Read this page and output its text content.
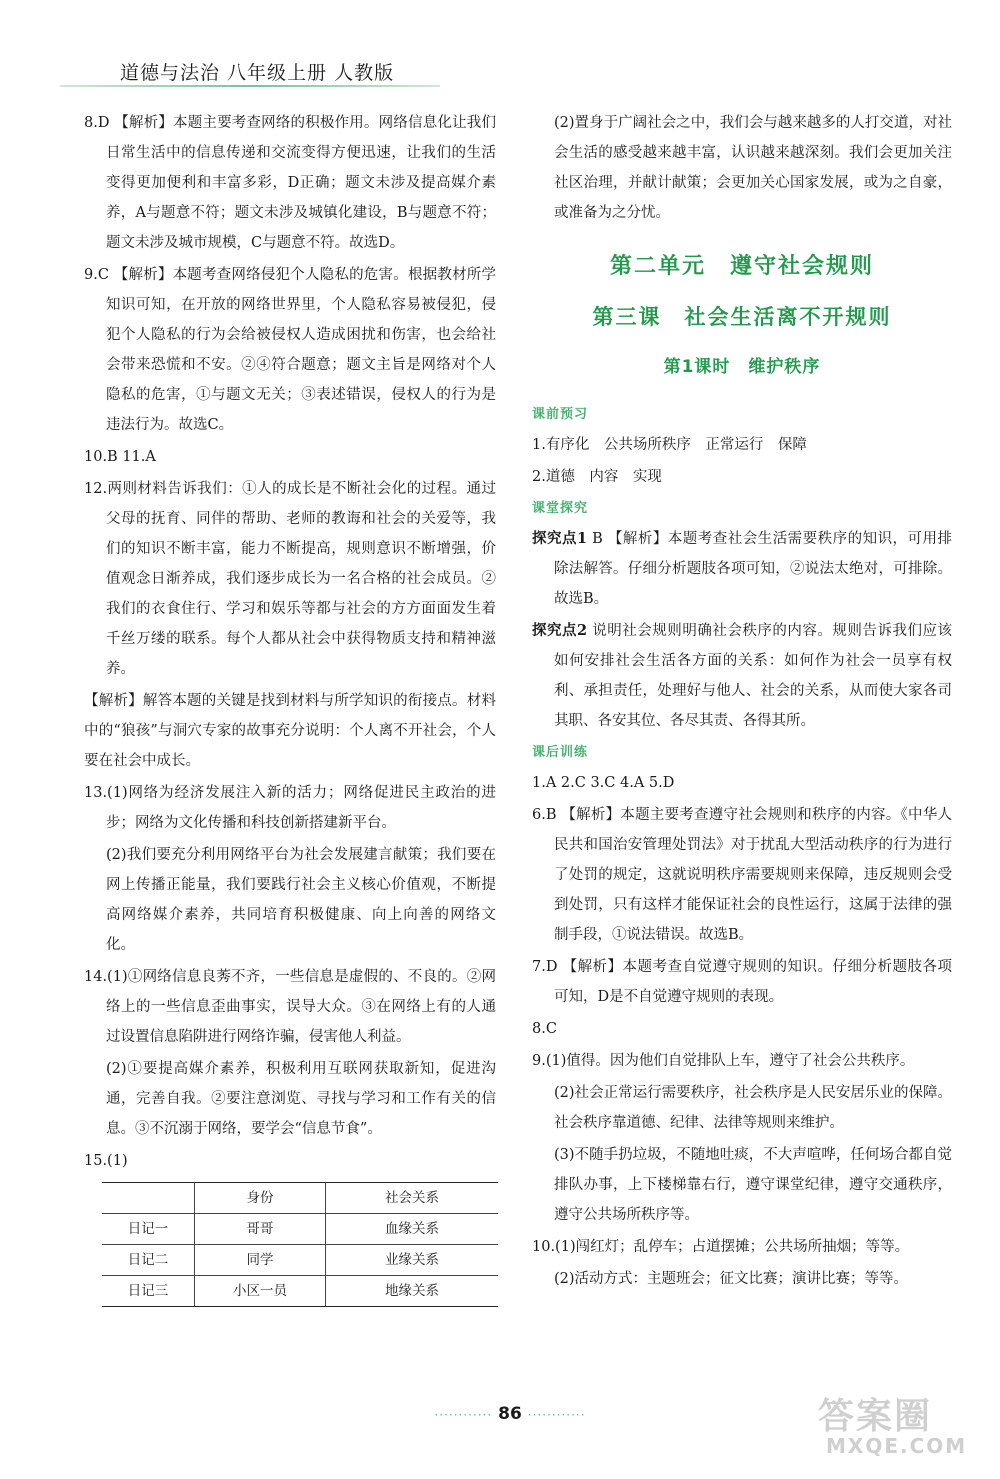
道德与法治 八年级上册 人教版

8.D 【解析】本题主要考查网络的积极作用。网络信息化让我们日常生活中的信息传递和交流变得方便迅速，让我们的生活变得更加便利和丰富多彩，D正确；题文未涉及提高媒介素养，A与题意不符；题文未涉及城镇化建设，B与题意不符；题文未涉及城市规模，C与题意不符。故选D。

9.C 【解析】本题考查网络侵犯个人隐私的危害。根据教材所学知识可知，在开放的网络世界里，个人隐私容易被侵犯，侵犯个人隐私的行为会给被侵权人造成困扰和伤害，也会给社会带来恐慌和不安。②④符合题意；题文主旨是网络对个人隐私的危害，①与题文无关；③表述错误，侵权人的行为是违法行为。故选C。

10.B 11.A

12.两则材料告诉我们：①人的成长是不断社会化的过程。通过父母的抚育、同伴的帮助、老师的教诲和社会的关爱等，我们的知识不断丰富，能力不断提高，规则意识不断增强，价值观念日渐养成，我们逐步成长为一名合格的社会成员。②我们的衣食住行、学习和娱乐等都与社会的方方面面发生着千丝万缕的联系。每个人都从社会中获得物质支持和精神滋养。

【解析】解答本题的关键是找到材料与所学知识的衔接点。材料中的“狼孩”与洞穴专家的故事充分说明：个人离不开社会，个人要在社会中成长。

13.(1)网络为经济发展注入新的活力；网络促进民主政治的进步；网络为文化传播和科技创新搭建新平台。

(2)我们要充分利用网络平台为社会发展建言献策；我们要在网上传播正能量，我们要践行社会主义核心价值观，不断提高网络媒介素养，共同培育积极健康、向上向善的网络文化。

14.(1)①网络信息良莠不齐，一些信息是虚假的、不良的。②网络上的一些信息歪曲事实，误导大众。③在网络上有的人通过设置信息陷阱进行网络诈骗，侵害他人利益。

(2)①要提高媒介素养，积极利用互联网获取新知，促进沟通，完善自我。②要注意浏览、寻找与学习和工作有关的信息。③不沉溺于网络，要学会“信息节食”。

15.(1)

	身份	社会关系
日记一	哥哥	血缘关系
日记二	同学	业缘关系
日记三	小区一员	地缘关系

(2)置身于广阔社会之中，我们会与越来越多的人打交道，对社会生活的感受越来越丰富，认识越来越深刻。我们会更加关注社区治理，并献计献策；会更加关心国家发展，或为之自豪，或准备为之分忧。

第二单元　遵守社会规则
第三课　社会生活离不开规则
第1课时　维护秩序
课前预习

1.有序化　公共场所秩序　正常运行　保障

2.道德　内容　实现

课堂探究

探究点1 B 【解析】本题考查社会生活需要秩序的知识，可用排除法解答。仔细分析题肢各项可知，②说法太绝对，可排除。故选B。

探究点2 说明社会规则明确社会秩序的内容。规则告诉我们应该如何安排社会生活各方面的关系：如何作为社会一员享有权利、承担责任，处理好与他人、社会的关系，从而使大家各司其职、各安其位、各尽其责、各得其所。

课后训练

1.A 2.C 3.C 4.A 5.D

6.B 【解析】本题主要考查遵守社会规则和秩序的内容。《中华人民共和国治安管理处罚法》对于扰乱大型活动秩序的行为进行了处罚的规定，这就说明秩序需要规则来保障，违反规则会受到处罚，只有这样才能保证社会的良性运行，这属于法律的强制手段，①说法错误。故选B。

7.D 【解析】本题考查自觉遵守规则的知识。仔细分析题肢各项可知，D是不自觉遵守规则的表现。

8.C

9.(1)值得。因为他们自觉排队上车，遵守了社会公共秩序。

(2)社会正常运行需要秩序，社会秩序是人民安居乐业的保障。社会秩序靠道德、纪律、法律等规则来维护。

(3)不随手扔垃圾，不随地吐痰，不大声喧哗，任何场合都自觉排队办事，上下楼梯靠右行，遵守课堂纪律，遵守交通秩序，遵守公共场所秩序等。

10.(1)闯红灯；乱停车；占道摆摊；公共场所抽烟；等等。

(2)活动方式：主题班会；征文比赛；演讲比赛；等等。

············ 86 ············	答案圈
MXQE.COM
